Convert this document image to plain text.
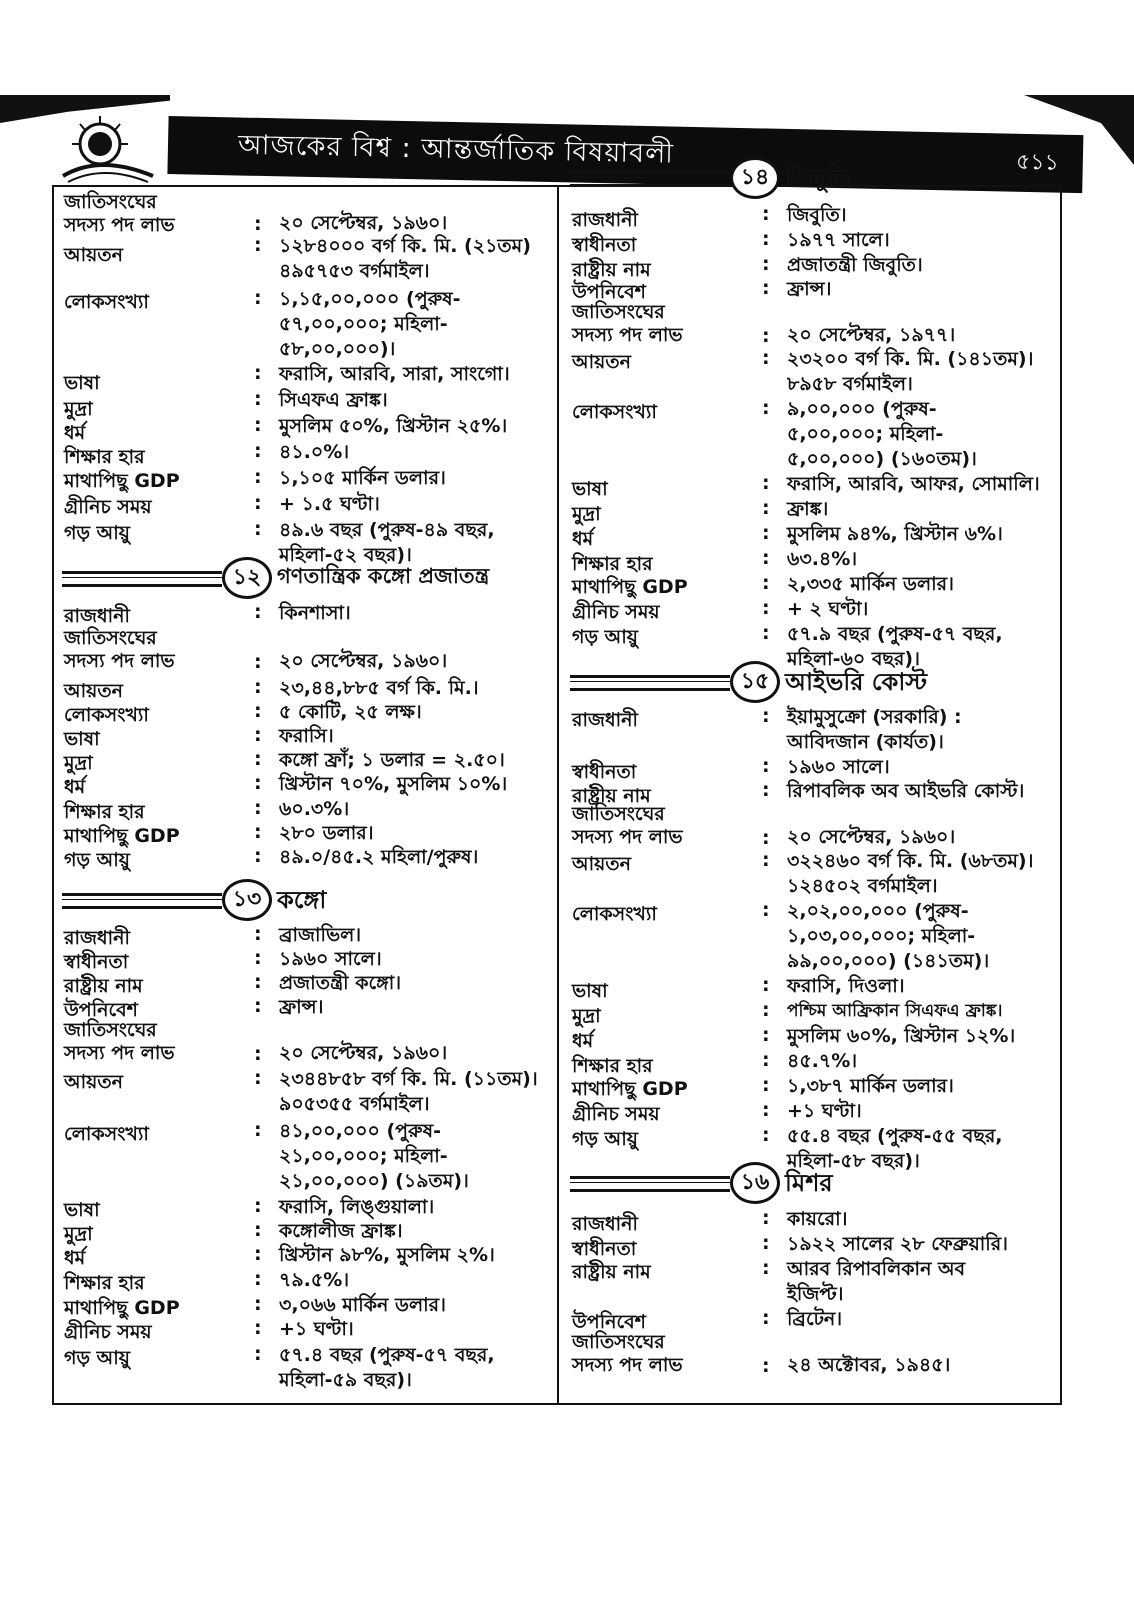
আজকের বিশ্ব : আন্তর্জাতিক বিষয়াবলী	৫১১
জাতিসংঘের
সদস্য পদ লাভ	: ২০ সেপ্টেম্বর, ১৯৬০।
আয়তন	: ১২৮৪০০০ বর্গ কি. মি. (২১তম)
৪৯৫৭৫৩ বর্গমাইল।
লোকসংখ্যা	: ১,১৫,০০,০০০ (পুরুষ-
৫৭,০০,০০০; মহিলা-
৫৮,০০,০০০)।
ভাষা	: ফরাসি, আরবি, সারা, সাংগো।
মুদ্রা	: সিএফএ ফ্রাঙ্ক।
ধর্ম	: মুসলিম ৫০%, খ্রিস্টান ২৫%।
শিক্ষার হার	: ৪১.০%।
মাথাপিছু GDP	: ১,১০৫ মার্কিন ডলার।
গ্রীনিচ সময়	: + ১.৫ ঘণ্টা।
গড় আয়ু	: ৪৯.৬ বছর (পুরুষ-৪৯ বছর,
মহিলা-৫২ বছর)।
১২ গণতান্ত্রিক কঙ্গো প্রজাতন্ত্র
রাজধানী	: কিনশাসা।
জাতিসংঘের
সদস্য পদ লাভ	: ২০ সেপ্টেম্বর, ১৯৬০।
আয়তন	: ২৩,৪৪,৮৮৫ বর্গ কি. মি.।
লোকসংখ্যা	: ৫ কোটি, ২৫ লক্ষ।
ভাষা	: ফরাসি।
মুদ্রা	: কঙ্গো ফ্রাঁ; ১ ডলার = ২.৫০।
ধর্ম	: খ্রিস্টান ৭০%, মুসলিম ১০%।
শিক্ষার হার	: ৬০.৩%।
মাথাপিছু GDP	: ২৮০ ডলার।
গড় আয়ু	: ৪৯.০/৪৫.২ মহিলা/পুরুষ।
১৩ কঙ্গো
রাজধানী	: ব্রাজাভিল।
স্বাধীনতা	: ১৯৬০ সালে।
রাষ্ট্রীয় নাম	: প্রজাতন্ত্রী কঙ্গো।
উপনিবেশ	: ফ্রান্স।
জাতিসংঘের
সদস্য পদ লাভ	: ২০ সেপ্টেম্বর, ১৯৬০।
আয়তন	: ২৩৪৪৮৫৮ বর্গ কি. মি. (১১তম)।
৯০৫৩৫৫ বর্গমাইল।
লোকসংখ্যা	: ৪১,০০,০০০ (পুরুষ-
২১,০০,০০০; মহিলা-
২১,০০,০০০) (১৯তম)।
ভাষা	: ফরাসি, লিঙ্গুয়ালা।
মুদ্রা	: কঙ্গোলীজ ফ্রাঙ্ক।
ধর্ম	: খ্রিস্টান ৯৮%, মুসলিম ২%।
শিক্ষার হার	: ৭৯.৫%।
মাথাপিছু GDP	: ৩,০৬৬ মার্কিন ডলার।
গ্রীনিচ সময়	: +১ ঘণ্টা।
গড় আয়ু	: ৫৭.৪ বছর (পুরুষ-৫৭ বছর,
মহিলা-৫৯ বছর)।
১৪ জিবুতি
রাজধানী	: জিবুতি।
স্বাধীনতা	: ১৯৭৭ সালে।
রাষ্ট্রীয় নাম	: প্রজাতন্ত্রী জিবুতি।
উপনিবেশ	: ফ্রান্স।
জাতিসংঘের
সদস্য পদ লাভ	: ২০ সেপ্টেম্বর, ১৯৭৭।
আয়তন	: ২৩২০০ বর্গ কি. মি. (১৪১তম)।
৮৯৫৮ বর্গমাইল।
লোকসংখ্যা	: ৯,০০,০০০ (পুরুষ-
৫,০০,০০০; মহিলা-
৫,০০,০০০) (১৬০তম)।
ভাষা	: ফরাসি, আরবি, আফর, সোমালি।
মুদ্রা	: ফ্রাঙ্ক।
ধর্ম	: মুসলিম ৯৪%, খ্রিস্টান ৬%।
শিক্ষার হার	: ৬৩.৪%।
মাথাপিছু GDP	: ২,৩৩৫ মার্কিন ডলার।
গ্রীনিচ সময়	: + ২ ঘণ্টা।
গড় আয়ু	: ৫৭.৯ বছর (পুরুষ-৫৭ বছর,
মহিলা-৬০ বছর)।
১৫ আইভরি কোস্ট
রাজধানী	: ইয়ামুসুক্রো (সরকারি) :
আবিদজান (কার্যত)।
স্বাধীনতা	: ১৯৬০ সালে।
রাষ্ট্রীয় নাম	: রিপাবলিক অব আইভরি কোস্ট।
জাতিসংঘের
সদস্য পদ লাভ	: ২০ সেপ্টেম্বর, ১৯৬০।
আয়তন	: ৩২২৪৬০ বর্গ কি. মি. (৬৮তম)।
১২৪৫০২ বর্গমাইল।
লোকসংখ্যা	: ২,০২,০০,০০০ (পুরুষ-
১,০৩,০০,০০০; মহিলা-
৯৯,০০,০০০) (১৪১তম)।
ভাষা	: ফরাসি, দিওলা।
মুদ্রা	: পশ্চিম আফ্রিকান সিএফএ ফ্রাঙ্ক।
ধর্ম	: মুসলিম ৬০%, খ্রিস্টান ১২%।
শিক্ষার হার	: ৪৫.৭%।
মাথাপিছু GDP	: ১,৩৮৭ মার্কিন ডলার।
গ্রীনিচ সময়	: +১ ঘণ্টা।
গড় আয়ু	: ৫৫.৪ বছর (পুরুষ-৫৫ বছর,
মহিলা-৫৮ বছর)।
১৬ মিশর
রাজধানী	: কায়রো।
স্বাধীনতা	: ১৯২২ সালের ২৮ ফেব্রুয়ারি।
রাষ্ট্রীয় নাম	: আরব রিপাবলিকান অব
ইজিপ্ট।
উপনিবেশ	: ব্রিটেন।
জাতিসংঘের
সদস্য পদ লাভ	: ২৪ অক্টোবর, ১৯৪৫।
